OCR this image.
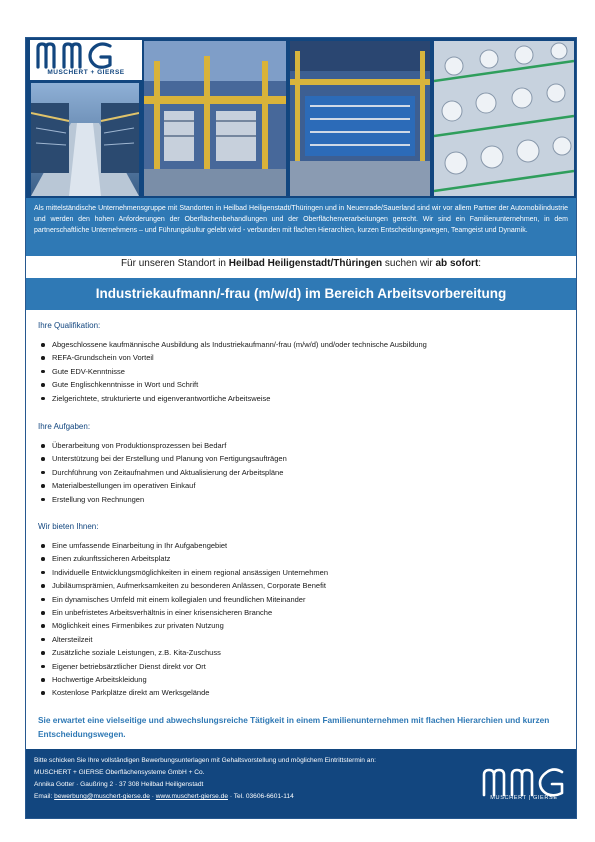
MUSCHERT + GIERSE

Als mittelständische Unternehmensgruppe mit Standorten in Heilbad Heiligenstadt/Thüringen und in Neuenrade/Sauerland sind wir vor allem Partner der Automobilindustrie und werden den hohen Anforderungen der Oberflächenbehandlungen und der Oberflächenverarbeitungen gerecht. Wir sind ein Familienunternehmen, in dem partnerschaftliche Unternehmens – und Führungskultur gelebt wird - verbunden mit flachen Hierarchien, kurzen Entscheidungswegen, Teamgeist und Dynamik.

Für unseren Standort in Heilbad Heiligenstadt/Thüringen suchen wir ab sofort:
Industriekaufmann/-frau (m/w/d) im Bereich Arbeitsvorbereitung
Ihre Qualifikation:
Abgeschlossene kaufmännische Ausbildung als Industriekaufmann/-frau (m/w/d) und/oder technische Ausbildung
REFA-Grundschein von Vorteil
Gute EDV-Kenntnisse
Gute Englischkenntnisse in Wort und Schrift
Zielgerichtete, strukturierte und eigenverantwortliche Arbeitsweise
Ihre Aufgaben:
Überarbeitung von Produktionsprozessen bei Bedarf
Unterstützung bei der Erstellung und Planung von Fertigungsaufträgen
Durchführung von Zeitaufnahmen und Aktualisierung der Arbeitspläne
Materialbestellungen im operativen Einkauf
Erstellung von Rechnungen
Wir bieten Ihnen:
Eine umfassende Einarbeitung in Ihr Aufgabengebiet
Einen zukunftssicheren Arbeitsplatz
Individuelle Entwicklungsmöglichkeiten in einem regional ansässigen Unternehmen
Jubiläumsprämien, Aufmerksamkeiten zu besonderen Anlässen, Corporate Benefit
Ein dynamisches Umfeld mit einem kollegialen und freundlichen Miteinander
Ein unbefristetes Arbeitsverhältnis in einer krisensicheren Branche
Möglichkeit eines Firmenbikes zur privaten Nutzung
Altersteilzeit
Zusätzliche soziale Leistungen, z.B. Kita-Zuschuss
Eigener betriebsärztlicher Dienst direkt vor Ort
Hochwertige Arbeitskleidung
Kostenlose Parkplätze direkt am Werksgelände

Sie erwartet eine vielseitige und abwechslungsreiche Tätigkeit in einem Familienunternehmen mit flachen Hierarchien und kurzen Entscheidungswegen.

Bitte schicken Sie Ihre vollständigen Bewerbungsunterlagen mit Gehaltsvorstellung und möglichem Eintrittstermin an:
MUSCHERT + GIERSE Oberflächensysteme GmbH + Co.
Annika Gotter · Gaußring 2 · 37 308 Heilbad Heiligenstadt
Email: bewerbung@muschert-gierse.de · www.muschert-gierse.de · Tel. 03606-6601-114	MUSCHERT | GIERSE
